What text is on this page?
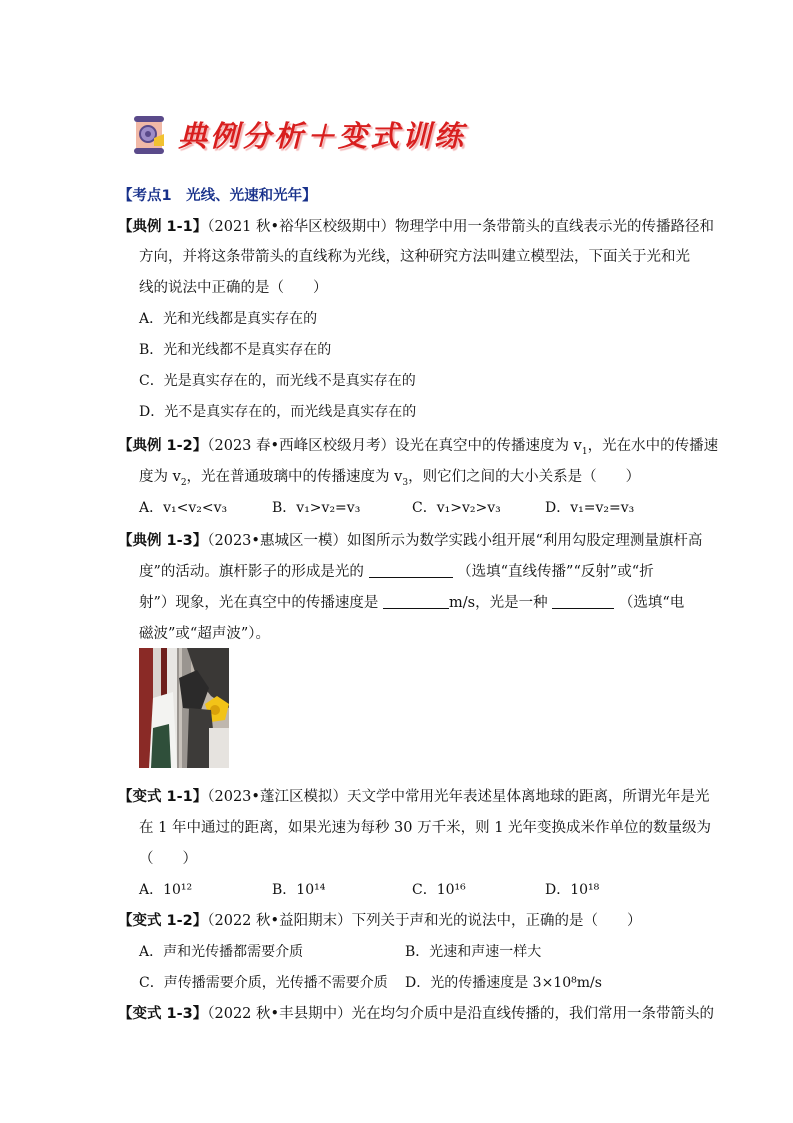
典例分析＋变式训练
【考点1　光线、光速和光年】
【典例 1-1】（2021 秋•裕华区校级期中）物理学中用一条带箭头的直线表示光的传播路径和
方向，并将这条带箭头的直线称为光线，这种研究方法叫建立模型法，下面关于光和光
线的说法中正确的是（　　）
A．光和光线都是真实存在的
B．光和光线都不是真实存在的
C．光是真实存在的，而光线不是真实存在的
D．光不是真实存在的，而光线是真实存在的
【典例 1-2】（2023 春•西峰区校级月考）设光在真空中的传播速度为 $v_1$，光在水中的传播速
度为 $v_2$，光在普通玻璃中的传播速度为 $v_3$，则它们之间的大小关系是（　　）
A．v₁<v₂<v₃	B．v₁>v₂=v₃	C．v₁>v₂>v₃	D．v₁=v₂=v₃
【典例 1-3】（2023•惠城区一模）如图所示为数学实践小组开展“利用勾股定理测量旗杆高
度”的活动。旗杆影子的形成是光的	（选填“直线传播”“反射”或“折
射”）现象，光在真空中的传播速度是	m/s，光是一种	（选填“电
磁波”或“超声波”）。
【变式 1-1】（2023•蓬江区模拟）天文学中常用光年表述星体离地球的距离，所谓光年是光
在 1 年中通过的距离，如果光速为每秒 30 万千米，则 1 光年变换成米作单位的数量级为
（　　）
A．10¹²	B．10¹⁴	C．10¹⁶	D．10¹⁸
【变式 1-2】（2022 秋•益阳期末）下列关于声和光的说法中，正确的是（　　）
A．声和光传播都需要介质	B．光速和声速一样大
C．声传播需要介质，光传播不需要介质 D．光的传播速度是 3×10⁸m/s
【变式 1-3】（2022 秋•丰县期中）光在均匀介质中是沿直线传播的，我们常用一条带箭头的
